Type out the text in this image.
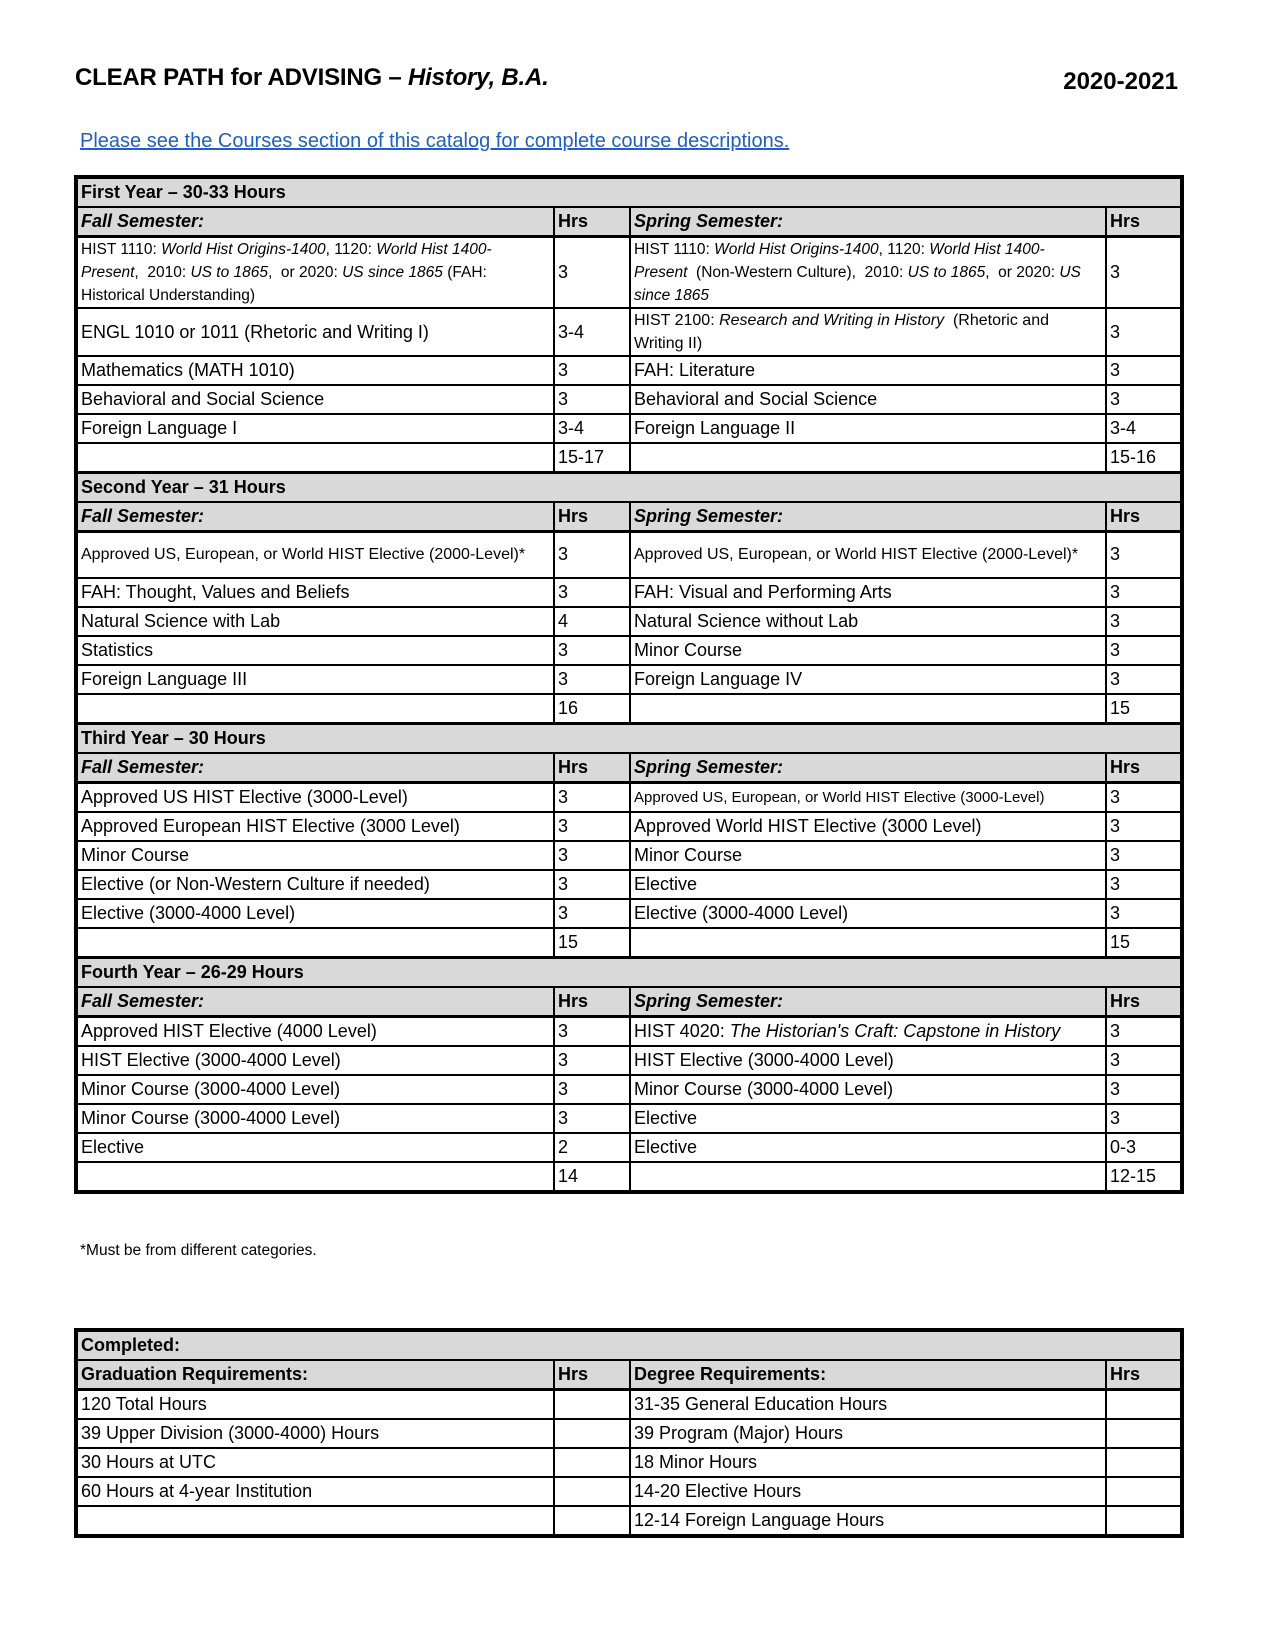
CLEAR PATH for ADVISING – History, B.A.	2020-2021
Please see the Courses section of this catalog for complete course descriptions.
First Year – 30-33 Hours			
Fall Semester:	Hrs	Spring Semester:	Hrs
HIST 1110: World Hist Origins-1400, 1120: World Hist 1400-Present,  2010: US to 1865,  or 2020: US since 1865 (FAH: Historical Understanding)	3	HIST 1110: World Hist Origins-1400, 1120: World Hist 1400-Present  (Non-Western Culture),  2010: US to 1865,  or 2020: US since 1865	3
ENGL 1010 or 1011 (Rhetoric and Writing I)	3-4	HIST 2100: Research and Writing in History  (Rhetoric and Writing II)	3
Mathematics (MATH 1010)	3	FAH: Literature	3
Behavioral and Social Science	3	Behavioral and Social Science	3
Foreign Language I	3-4	Foreign Language II	3-4
	15-17		15-16
Second Year – 31 Hours			
Fall Semester:	Hrs	Spring Semester:	Hrs
Approved US, European, or World HIST Elective (2000-Level)*	3	Approved US, European, or World HIST Elective (2000-Level)*	3
FAH: Thought, Values and Beliefs	3	FAH: Visual and Performing Arts	3
Natural Science with Lab	4	Natural Science without Lab	3
Statistics	3	Minor Course	3
Foreign Language III	3	Foreign Language IV	3
	16		15
Third Year – 30 Hours			
Fall Semester:	Hrs	Spring Semester:	Hrs
Approved US HIST Elective (3000-Level)	3	Approved US, European, or World HIST Elective (3000-Level)	3
Approved European HIST Elective (3000 Level)	3	Approved World HIST Elective (3000 Level)	3
Minor Course	3	Minor Course	3
Elective (or Non-Western Culture if needed)	3	Elective	3
Elective (3000-4000 Level)	3	Elective (3000-4000 Level)	3
	15		15
Fourth Year – 26-29 Hours			
Fall Semester:	Hrs	Spring Semester:	Hrs
Approved HIST Elective (4000 Level)	3	HIST 4020: The Historian's Craft: Capstone in History	3
HIST Elective (3000-4000 Level)	3	HIST Elective (3000-4000 Level)	3
Minor Course (3000-4000 Level)	3	Minor Course (3000-4000 Level)	3
Minor Course (3000-4000 Level)	3	Elective	3
Elective	2	Elective	0-3
	14		12-15
*Must be from different categories.
Completed:			
Graduation Requirements:	Hrs	Degree Requirements:	Hrs
120 Total Hours		31-35 General Education Hours	
39 Upper Division (3000-4000) Hours		39 Program (Major) Hours	
30 Hours at UTC		18 Minor Hours	
60 Hours at 4-year Institution		14-20 Elective Hours	
		12-14 Foreign Language Hours	
